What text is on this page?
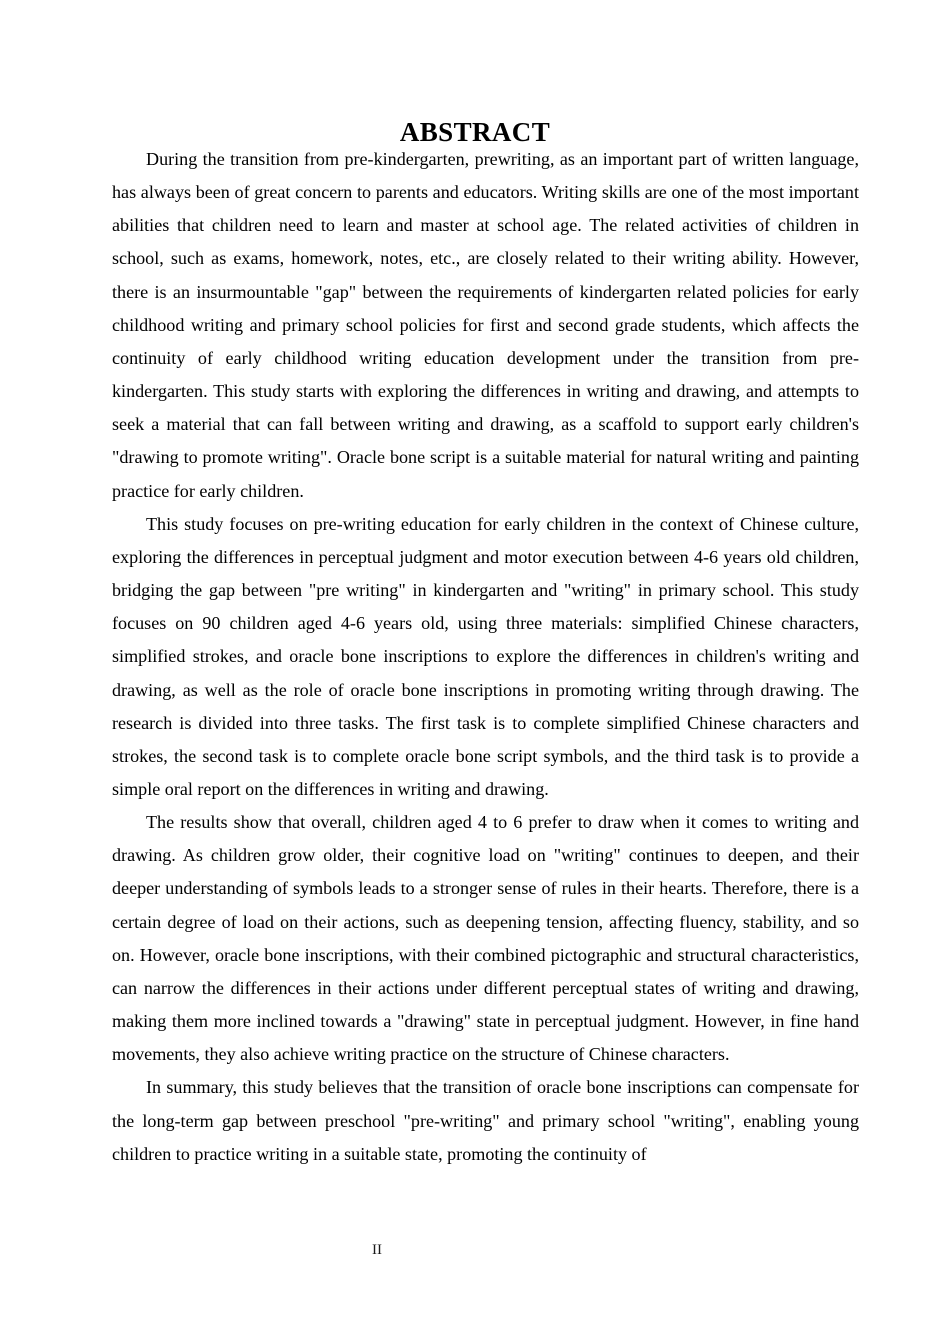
ABSTRACT

During the transition from pre-kindergarten, prewriting, as an important part of written language, has always been of great concern to parents and educators. Writing skills are one of the most important abilities that children need to learn and master at school age. The related activities of children in school, such as exams, homework, notes, etc., are closely related to their writing ability. However, there is an insurmountable "gap" between the requirements of kindergarten related policies for early childhood writing and primary school policies for first and second grade students, which affects the continuity of early childhood writing education development under the transition from pre-kindergarten. This study starts with exploring the differences in writing and drawing, and attempts to seek a material that can fall between writing and drawing, as a scaffold to support early children's "drawing to promote writing". Oracle bone script is a suitable material for natural writing and painting practice for early children.

This study focuses on pre-writing education for early children in the context of Chinese culture, exploring the differences in perceptual judgment and motor execution between 4-6 years old children, bridging the gap between "pre writing" in kindergarten and "writing" in primary school. This study focuses on 90 children aged 4-6 years old, using three materials: simplified Chinese characters, simplified strokes, and oracle bone inscriptions to explore the differences in children's writing and drawing, as well as the role of oracle bone inscriptions in promoting writing through drawing. The research is divided into three tasks. The first task is to complete simplified Chinese characters and strokes, the second task is to complete oracle bone script symbols, and the third task is to provide a simple oral report on the differences in writing and drawing.

The results show that overall, children aged 4 to 6 prefer to draw when it comes to writing and drawing. As children grow older, their cognitive load on "writing" continues to deepen, and their deeper understanding of symbols leads to a stronger sense of rules in their hearts. Therefore, there is a certain degree of load on their actions, such as deepening tension, affecting fluency, stability, and so on. However, oracle bone inscriptions, with their combined pictographic and structural characteristics, can narrow the differences in their actions under different perceptual states of writing and drawing, making them more inclined towards a "drawing" state in perceptual judgment. However, in fine hand movements, they also achieve writing practice on the structure of Chinese characters.

In summary, this study believes that the transition of oracle bone inscriptions can compensate for the long-term gap between preschool "pre-writing" and primary school "writing", enabling young children to practice writing in a suitable state, promoting the continuity of

II
